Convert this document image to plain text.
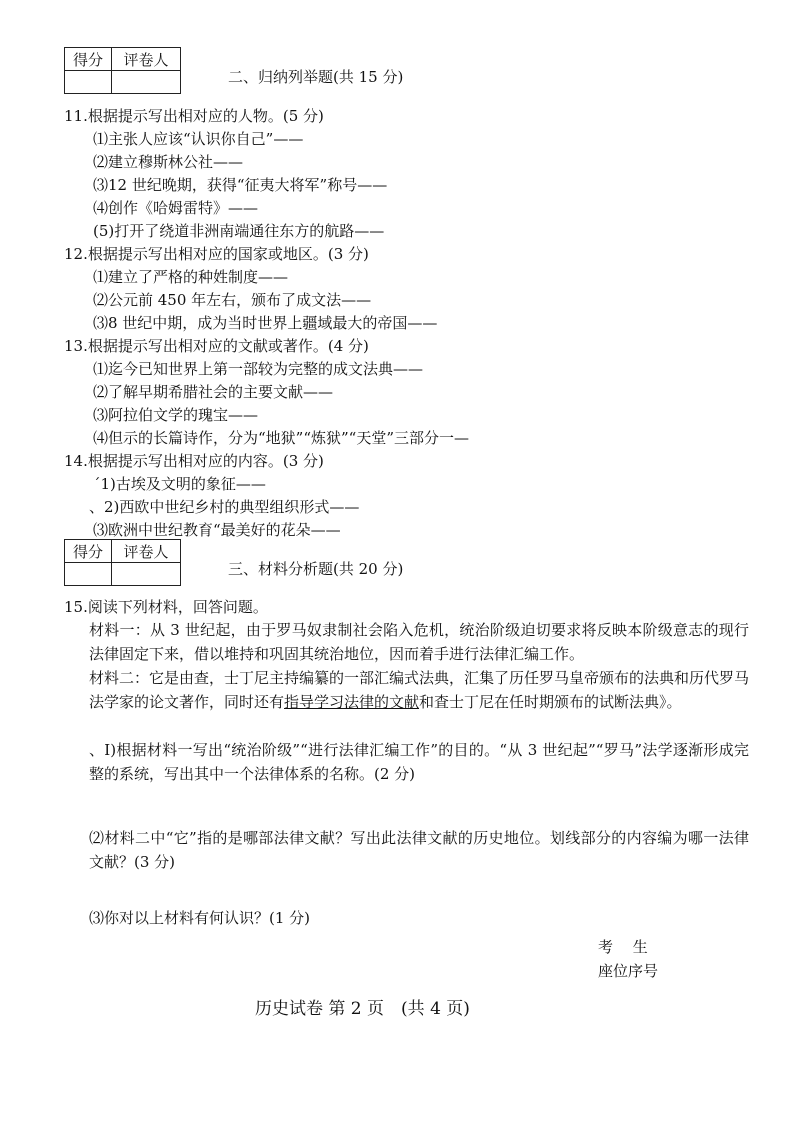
得分	评卷人

二、归纳列举题(共 15 分)
11.根据提示写出相对应的人物。(5 分)
⑴主张人应该“认识你自己”——
⑵建立穆斯林公社——
⑶12 世纪晚期，获得“征夷大将军”称号——
⑷创作《哈姆雷特》——
(5)打开了绕道非洲南端通往东方的航路——
12.根据提示写出相对应的国家或地区。(3 分)
⑴建立了严格的种姓制度——
⑵公元前 450 年左右，颁布了成文法——
⑶8 世纪中期，成为当时世界上疆域最大的帝国——
13.根据提示写出相对应的文献或著作。(4 分)
⑴迄今已知世界上第一部较为完整的成文法典——
⑵了解早期希腊社会的主要文献——
⑶阿拉伯文学的瑰宝——
⑷但示的长篇诗作，分为“地狱”“炼狱”“天堂”三部分一—
14.根据提示写出相对应的内容。(3 分)
ˊ1)古埃及文明的象征——
、2)西欧中世纪乡村的典型组织形式——
⑶欧洲中世纪教育“最美好的花朵——
得分	评卷人

三、材料分析题(共 20 分)
15.阅读下列材料，回答问题。
材料一：从 3 世纪起，由于罗马奴隶制社会陷入危机，统治阶级迫切要求将反映本阶级意志的现行法律固定下来，借以堆持和巩固其统治地位，因而着手进行法律汇编工作。
材料二：它是由查，士丁尼主持编纂的一部汇编式法典，汇集了历任罗马皇帝颁布的法典和历代罗马法学家的论文著作，同时还有指导学习法律的文献和査士丁尼在任时期颁布的试断法典》。
、I)根据材料一写出“统治阶级”“进行法律汇编工作”的目的。“从 3 世纪起”“罗马”法学逐渐形成完整的系统，写出其中一个法律体系的名称。(2 分)
⑵材料二中“它”指的是哪部法律文献？写出此法律文献的历史地位。划线部分的内容编为哪一法律文献？(3 分)
⑶你对以上材料有何认识？(1 分)
考　 生
座位序号
历史试卷 第 2 页　(共 4 页)
